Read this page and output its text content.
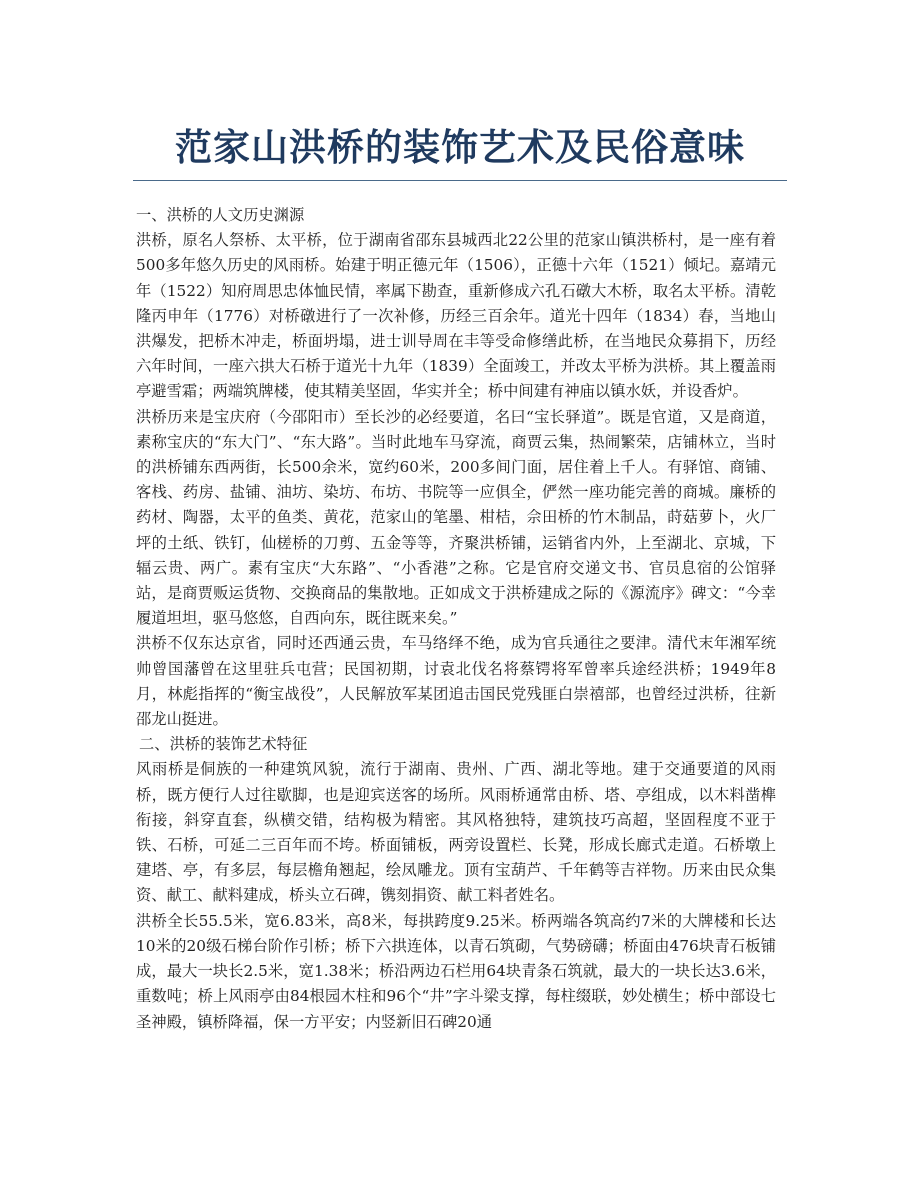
范家山洪桥的装饰艺术及民俗意味

一、洪桥的人文历史渊源

洪桥，原名人祭桥、太平桥，位于湖南省邵东县城西北22公里的范家山镇洪桥村，是一座有着500多年悠久历史的风雨桥。始建于明正德元年（1506），正德十六年（1521）倾圮。嘉靖元年（1522）知府周思忠体恤民情，率属下勘查，重新修成六孔石礅大木桥，取名太平桥。清乾隆丙申年（1776）对桥礅进行了一次补修，历经三百余年。道光十四年（1834）春，当地山洪爆发，把桥木冲走，桥面坍塌，进士训导周在丰等受命修缮此桥，在当地民众募捐下，历经六年时间，一座六拱大石桥于道光十九年（1839）全面竣工，并改太平桥为洪桥。其上覆盖雨亭避雪霜；两端筑牌楼，使其精美坚固，华实并全；桥中间建有神庙以镇水妖，并设香炉。

洪桥历来是宝庆府（今邵阳市）至长沙的必经要道，名曰“宝长驿道”。既是官道，又是商道，素称宝庆的“东大门”、“东大路”。当时此地车马穿流，商贾云集，热闹繁荣，店铺林立，当时的洪桥铺东西两街，长500余米，宽约60米，200多间门面，居住着上千人。有驿馆、商铺、客栈、药房、盐铺、油坊、染坊、布坊、书院等一应俱全，俨然一座功能完善的商城。廉桥的药材、陶器，太平的鱼类、黄花，范家山的笔墨、柑桔，佘田桥的竹木制品，莳菇萝卜，火厂坪的土纸、铁钉，仙槎桥的刀剪、五金等等，齐聚洪桥铺，运销省内外，上至湖北、京城，下辐云贵、两广。素有宝庆“大东路”、“小香港”之称。它是官府交递文书、官员息宿的公馆驿站，是商贾贩运货物、交换商品的集散地。正如成文于洪桥建成之际的《源流序》碑文：“今幸履道坦坦，驱马悠悠，自西向东，既往既来矣。”

洪桥不仅东达京省，同时还西通云贵，车马络绎不绝，成为官兵通往之要津。清代末年湘军统帅曾国藩曾在这里驻兵屯营；民国初期，讨袁北伐名将蔡锷将军曾率兵途经洪桥；1949年8月，林彪指挥的“衡宝战役”，人民解放军某团追击国民党残匪白崇禧部，也曾经过洪桥，往新邵龙山挺进。

二、洪桥的装饰艺术特征

风雨桥是侗族的一种建筑风貌，流行于湖南、贵州、广西、湖北等地。建于交通要道的风雨桥，既方便行人过往歇脚，也是迎宾送客的场所。风雨桥通常由桥、塔、亭组成，以木料凿榫衔接，斜穿直套，纵横交错，结构极为精密。其风格独特，建筑技巧高超，坚固程度不亚于铁、石桥，可延二三百年而不垮。桥面铺板，两旁设置栏、长凳，形成长廊式走道。石桥墩上建塔、亭，有多层，每层檐角翘起，绘凤雕龙。顶有宝葫芦、千年鹤等吉祥物。历来由民众集资、献工、献料建成，桥头立石碑，镌刻捐资、献工料者姓名。

洪桥全长55.5米，宽6.83米，高8米，每拱跨度9.25米。桥两端各筑高约7米的大牌楼和长达10米的20级石梯台阶作引桥；桥下六拱连体，以青石筑砌，气势磅礴；桥面由476块青石板铺成，最大一块长2.5米，宽1.38米；桥沿两边石栏用64块青条石筑就，最大的一块长达3.6米，重数吨；桥上风雨亭由84根园木柱和96个“井”字斗梁支撑，每柱缀联，妙处横生；桥中部设七圣神殿，镇桥降福，保一方平安；内竖新旧石碑20通
